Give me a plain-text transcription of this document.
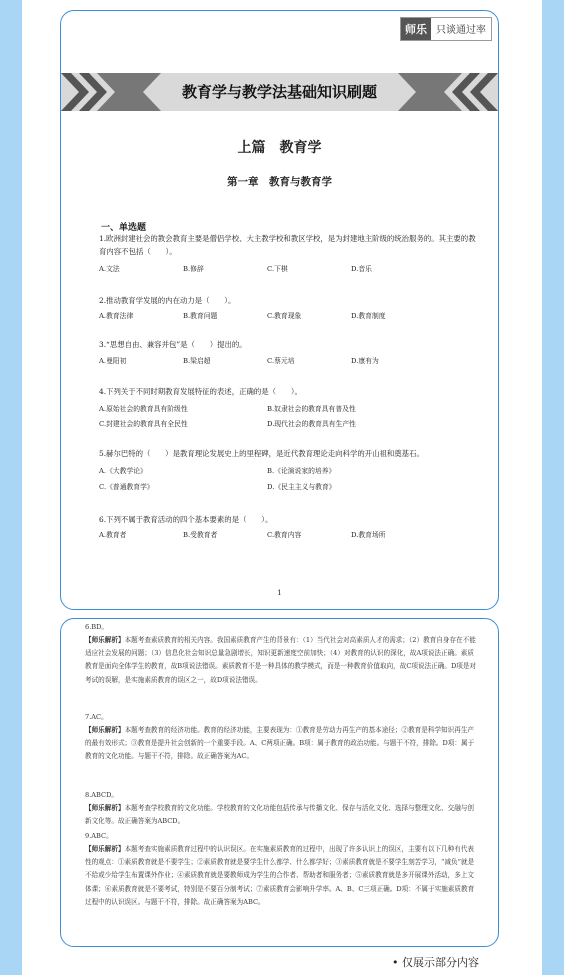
师乐 只谈通过率
教育学与教学法基础知识刷题
上篇　教育学
第一章　教育与教育学
一、单选题
1.欧洲封建社会的教会教育主要是僧侣学校、大主教学校和教区学校，是为封建地主阶级的统治服务的。其主要的教育内容不包括（　　）。
A.文法	B.修辞	C.下棋	D.音乐
2.推动教育学发展的内在动力是（　　）。
A.教育法律	B.教育问题	C.教育现象	D.教育制度
3.“思想自由、兼容并包”是（　　）提出的。
A.曼阳初	B.梁启超	C.蔡元培	D.康有为
4.下列关于不同时期教育发展特征的表述，正确的是（　　）。
A.原始社会的教育具有阶级性	B.奴隶社会的教育具有普及性
C.封建社会的教育具有全民性	D.现代社会的教育具有生产性
5.赫尔巴特的（　　）是教育理论发展史上的里程碑，是近代教育理论走向科学的开山祖和奠基石。
A.《大教学论》	B.《论演说家的培养》
C.《普通教育学》	D.《民主主义与教育》
6.下列不属于教育活动的四个基本要素的是（　　）。
A.教育者	B.受教育者	C.教育内容	D.教育场所
1
6.BD。
【师乐解析】本题考查素质教育的相关内容。我国素质教育产生的背景有：（1）当代社会对高素质人才的需求；（2）教育自身存在不能适应社会发展的问题；（3）信息化社会知识总量急剧增长，知识更新速度空前加快；（4）对教育的认识的深化，故A项说法正确。素质教育是面向全体学生的教育，故B项说法错误。素质教育不是一种具体的教学模式，而是一种教育价值取向，故C项说法正确。D项是对考试的误解，是实施素质教育的误区之一，故D项说法错误。
7.AC。
【师乐解析】本题考查教育的经济功能。教育的经济功能，主要表现为：①教育是劳动力再生产的基本途径；②教育是科学知识再生产的最有效形式；③教育是提升社会创新的一个重要手段。A、C两项正确。B项：属于教育的政治功能。与题干不符，排除。D项：属于教育的文化功能。与题干不符，排除。故正确答案为AC。
8.ABCD。
【师乐解析】本题考查学校教育的文化功能。学校教育的文化功能包括传承与传播文化、保存与活化文化、选择与整理文化、交融与创新文化等。故正确答案为ABCD。
9.ABC。
【师乐解析】本题考查实施素质教育过程中的认识误区。在实施素质教育的过程中，出现了许多认识上的误区，主要有以下几种有代表性的观点：①素质教育就是不要学生；②素质教育就是要学生什么都学、什么都学好；③素质教育就是不要学生刻苦学习，“减负”就是不给或少给学生布置课外作业；④素质教育就是要教师成为学生的合作者、帮助者和服务者；⑤素质教育就是多开展课外活动，多上文体课；⑥素质教育就是不要考试，特别是不要百分制考试；⑦素质教育会影响升学率。A、B、C三项正确。D项：不属于实施素质教育过程中的认识误区。与题干不符，排除。故正确答案为ABC。
• 仅展示部分内容
